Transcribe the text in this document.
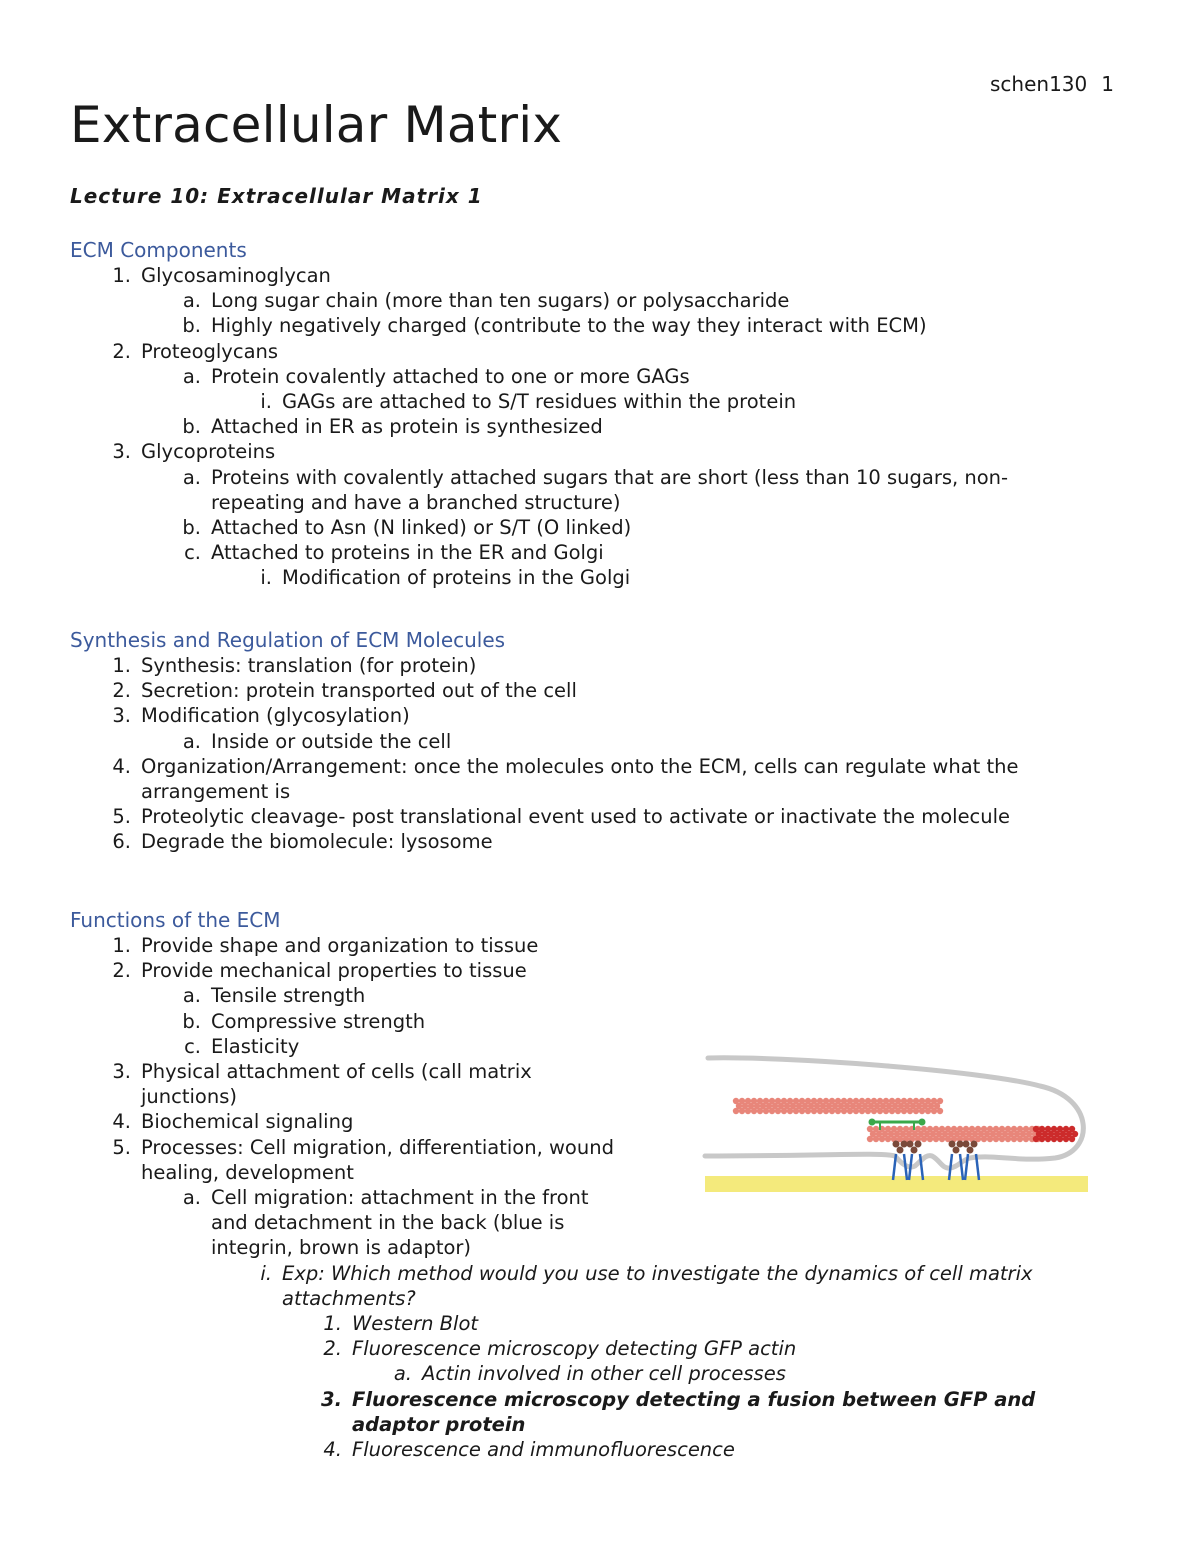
schen130 1
Extracellular Matrix
Lecture 10: Extracellular Matrix 1
ECM Components
1. Glycosaminoglycan
a. Long sugar chain (more than ten sugars) or polysaccharide
b. Highly negatively charged (contribute to the way they interact with ECM)
2. Proteoglycans
a. Protein covalently attached to one or more GAGs
i. GAGs are attached to S/T residues within the protein
b. Attached in ER as protein is synthesized
3. Glycoproteins
a. Proteins with covalently attached sugars that are short (less than 10 sugars, non-
repeating and have a branched structure)
b. Attached to Asn (N linked) or S/T (O linked)
c. Attached to proteins in the ER and Golgi
i. Modification of proteins in the Golgi
Synthesis and Regulation of ECM Molecules
1. Synthesis: translation (for protein)
2. Secretion: protein transported out of the cell
3. Modification (glycosylation)
a. Inside or outside the cell
4. Organization/Arrangement: once the molecules onto the ECM, cells can regulate what the
arrangement is
5. Proteolytic cleavage- post translational event used to activate or inactivate the molecule
6. Degrade the biomolecule: lysosome
Functions of the ECM
1. Provide shape and organization to tissue
2. Provide mechanical properties to tissue
a. Tensile strength
b. Compressive strength
c. Elasticity
3. Physical attachment of cells (call matrix
junctions)
4. Biochemical signaling
5. Processes: Cell migration, differentiation, wound
healing, development
a. Cell migration: attachment in the front
and detachment in the back (blue is
integrin, brown is adaptor)
i. Exp: Which method would you use to investigate the dynamics of cell matrix
attachments?
1. Western Blot
2. Fluorescence microscopy detecting GFP actin
a. Actin involved in other cell processes
3. Fluorescence microscopy detecting a fusion between GFP and
adaptor protein
4. Fluorescence and immunofluorescence
